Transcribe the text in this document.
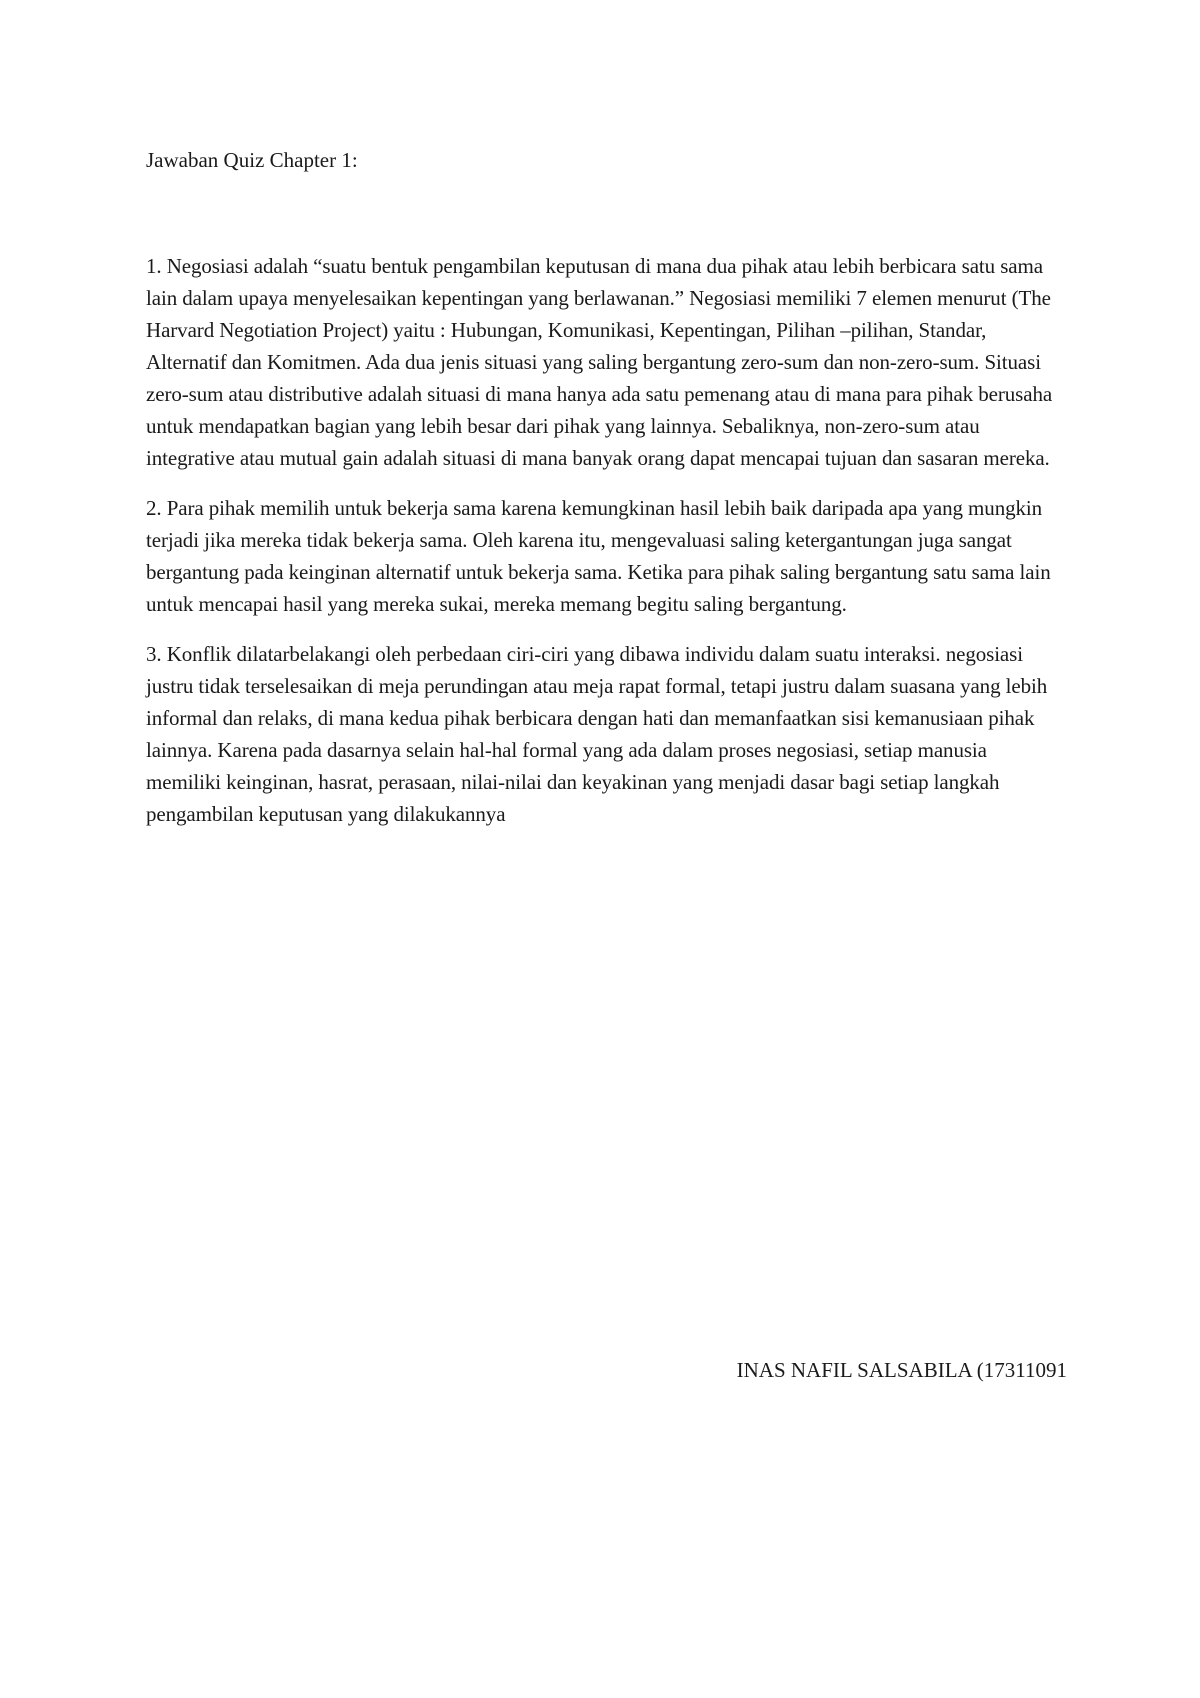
Jawaban Quiz Chapter 1:

1. Negosiasi adalah “suatu bentuk pengambilan keputusan di mana dua pihak atau lebih berbicara satu sama lain dalam upaya menyelesaikan kepentingan yang berlawanan.” Negosiasi memiliki 7 elemen menurut (The Harvard Negotiation Project) yaitu : Hubungan, Komunikasi, Kepentingan, Pilihan –pilihan, Standar, Alternatif dan Komitmen. Ada dua jenis situasi yang saling bergantung zero-sum dan non-zero-sum. Situasi zero-sum atau distributive adalah situasi di mana hanya ada satu pemenang atau di mana para pihak berusaha untuk mendapatkan bagian yang lebih besar dari pihak yang lainnya. Sebaliknya, non-zero-sum atau integrative atau mutual gain adalah situasi di mana banyak orang dapat mencapai tujuan dan sasaran mereka.

2. Para pihak memilih untuk bekerja sama karena kemungkinan hasil lebih baik daripada apa yang mungkin terjadi jika mereka tidak bekerja sama. Oleh karena itu, mengevaluasi saling ketergantungan juga sangat bergantung pada keinginan alternatif untuk bekerja sama. Ketika para pihak saling bergantung satu sama lain untuk mencapai hasil yang mereka sukai, mereka memang begitu saling bergantung.

3. Konflik dilatarbelakangi oleh perbedaan ciri-ciri yang dibawa individu dalam suatu interaksi. negosiasi justru tidak terselesaikan di meja perundingan atau meja rapat formal, tetapi justru dalam suasana yang lebih informal dan relaks, di mana kedua pihak berbicara dengan hati dan memanfaatkan sisi kemanusiaan pihak lainnya. Karena pada dasarnya selain hal-hal formal yang ada dalam proses negosiasi, setiap manusia memiliki keinginan, hasrat, perasaan, nilai-nilai dan keyakinan yang menjadi dasar bagi setiap langkah pengambilan keputusan yang dilakukannya

INAS NAFIL SALSABILA (17311091
